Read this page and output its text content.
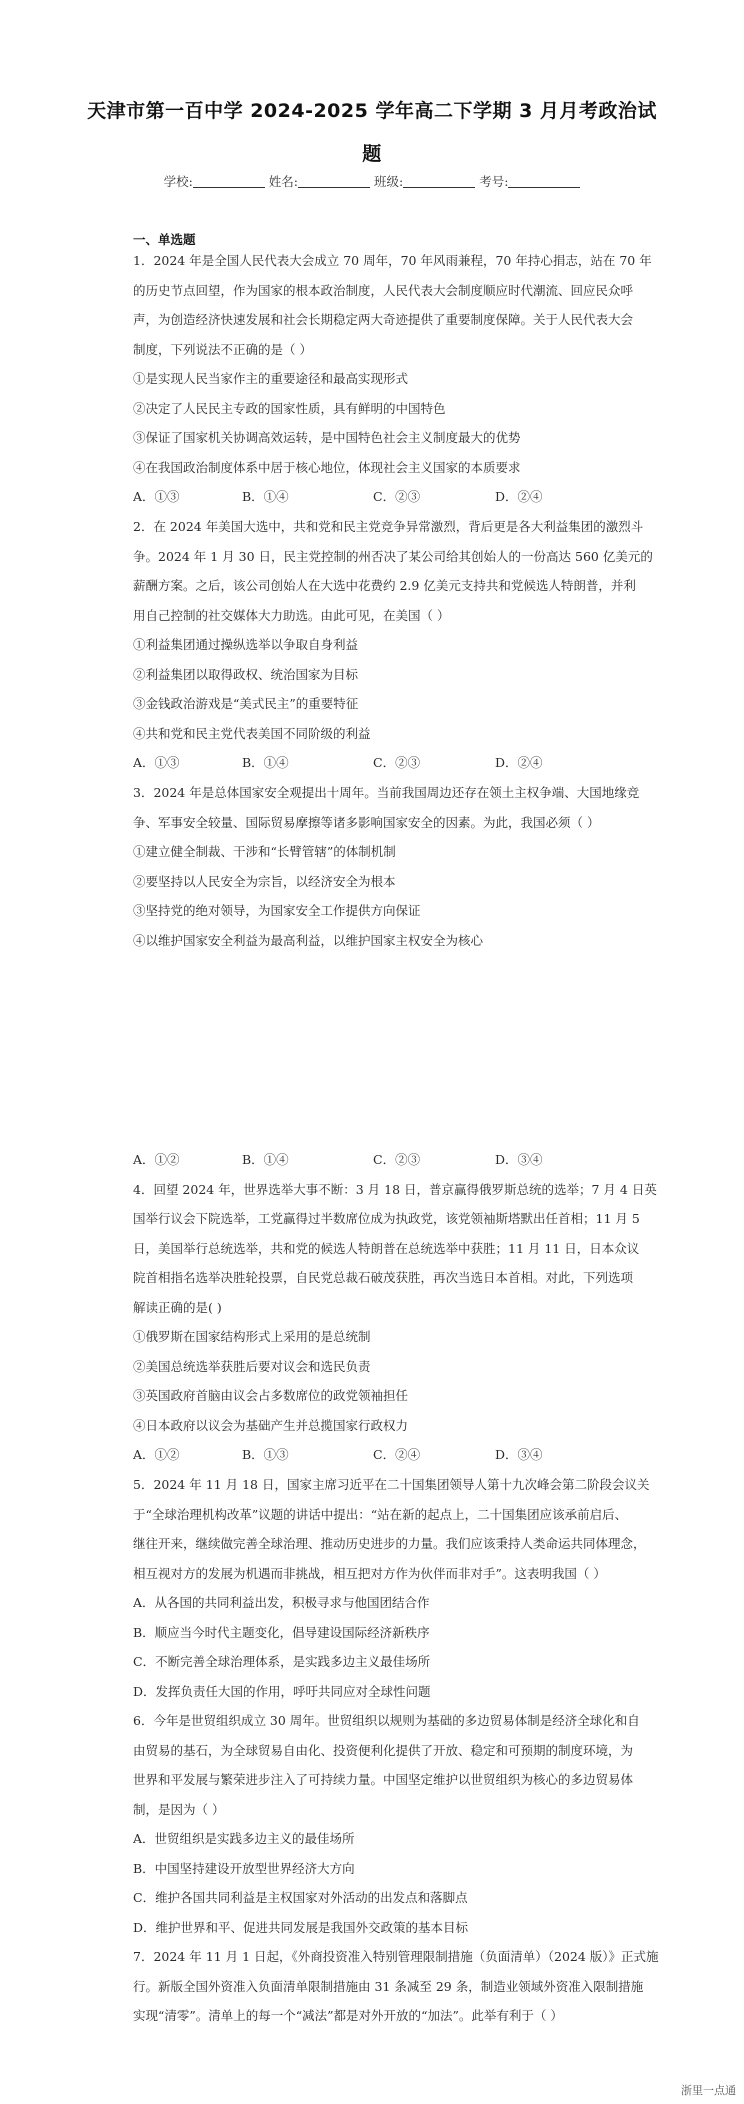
天津市第一百中学 2024-2025 学年高二下学期 3 月月考政治试
题
学校:	姓名:	班级:	考号:
一、单选题
1．2024 年是全国人民代表大会成立 70 周年，70 年风雨兼程，70 年持心捐志，站在 70 年
的历史节点回望，作为国家的根本政治制度，人民代表大会制度顺应时代潮流、回应民众呼
声，为创造经济快速发展和社会长期稳定两大奇迹提供了重要制度保障。关于人民代表大会
制度，下列说法不正确的是（ ）
①是实现人民当家作主的重要途径和最高实现形式
②决定了人民民主专政的国家性质，具有鲜明的中国特色
③保证了国家机关协调高效运转，是中国特色社会主义制度最大的优势
④在我国政治制度体系中居于核心地位，体现社会主义国家的本质要求
A．①③	B．①④	C．②③	D．②④
2．在 2024 年美国大选中，共和党和民主党竞争异常激烈，背后更是各大利益集团的激烈斗
争。2024 年 1 月 30 日，民主党控制的州否决了某公司给其创始人的一份高达 560 亿美元的
薪酬方案。之后，该公司创始人在大选中花费约 2.9 亿美元支持共和党候选人特朗普，并利
用自己控制的社交媒体大力助选。由此可见，在美国（ ）
①利益集团通过操纵选举以争取自身利益
②利益集团以取得政权、统治国家为目标
③金钱政治游戏是“美式民主”的重要特征
④共和党和民主党代表美国不同阶级的利益
A．①③	B．①④	C．②③	D．②④
3．2024 年是总体国家安全观提出十周年。当前我国周边还存在领土主权争端、大国地缘竞
争、军事安全较量、国际贸易摩擦等诸多影响国家安全的因素。为此，我国必须（ ）
①建立健全制裁、干涉和“长臂管辖”的体制机制
②要坚持以人民安全为宗旨，以经济安全为根本
③坚持党的绝对领导，为国家安全工作提供方向保证
④以维护国家安全利益为最高利益，以维护国家主权安全为核心
A．①②	B．①④	C．②③	D．③④
4．回望 2024 年，世界选举大事不断：3 月 18 日，普京赢得俄罗斯总统的选举；7 月 4 日英
国举行议会下院选举，工党赢得过半数席位成为执政党，该党领袖斯塔默出任首相；11 月 5
日，美国举行总统选举，共和党的候选人特朗普在总统选举中获胜；11 月 11 日，日本众议
院首相指名选举决胜轮投票，自民党总裁石破茂获胜，再次当选日本首相。对此，下列选项
解读正确的是( )
①俄罗斯在国家结构形式上采用的是总统制
②美国总统选举获胜后要对议会和选民负责
③英国政府首脑由议会占多数席位的政党领袖担任
④日本政府以议会为基础产生并总揽国家行政权力
A．①②	B．①③	C．②④	D．③④
5．2024 年 11 月 18 日，国家主席习近平在二十国集团领导人第十九次峰会第二阶段会议关
于“全球治理机构改革”议题的讲话中提出：“站在新的起点上，二十国集团应该承前启后、
继往开来，继续做完善全球治理、推动历史进步的力量。我们应该秉持人类命运共同体理念，
相互视对方的发展为机遇而非挑战，相互把对方作为伙伴而非对手”。这表明我国（ ）
A．从各国的共同利益出发，积极寻求与他国团结合作
B．顺应当今时代主题变化，倡导建设国际经济新秩序
C．不断完善全球治理体系，是实践多边主义最佳场所
D．发挥负责任大国的作用，呼吁共同应对全球性问题
6．今年是世贸组织成立 30 周年。世贸组织以规则为基础的多边贸易体制是经济全球化和自
由贸易的基石，为全球贸易自由化、投资便利化提供了开放、稳定和可预期的制度环境，为
世界和平发展与繁荣进步注入了可持续力量。中国坚定维护以世贸组织为核心的多边贸易体
制，是因为（ ）
A．世贸组织是实践多边主义的最佳场所
B．中国坚持建设开放型世界经济大方向
C．维护各国共同利益是主权国家对外活动的出发点和落脚点
D．维护世界和平、促进共同发展是我国外交政策的基本目标
7．2024 年 11 月 1 日起，《外商投资准入特别管理限制措施（负面清单）（2024 版）》正式施
行。新版全国外资准入负面清单限制措施由 31 条减至 29 条，制造业领域外资准入限制措施
实现“清零”。清单上的每一个“减法”都是对外开放的“加法”。此举有利于（ ）
浙里一点通
